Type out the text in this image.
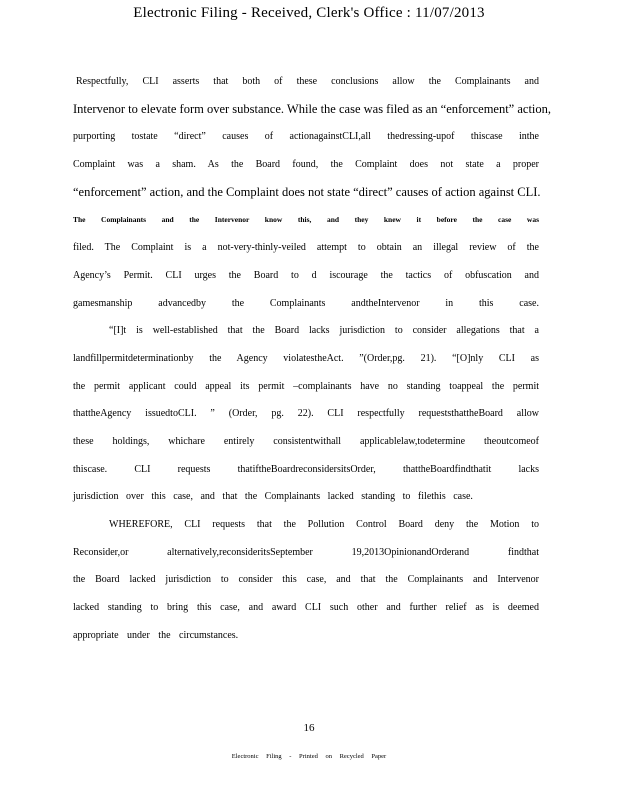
Electronic Filing - Received, Clerk's Office : 11/07/2013
Respectfully, CLI asserts that both of these conclusions allow the Complainants and
Intervenor to elevate form over substance. While the case was filed as an “enforcement” action,
purporting tostate “direct” causes of actionagainstCLI,all thedressing-upof thiscase inthe
Complaint was a sham. As the Board found, the Complaint does not state a proper
“enforcement” action, and the Complaint does not state “direct” causes of action against CLI.
The Complainants and the Intervenor know this, and they knew it before the case was
filed. The Complaint is a not-very-thinly-veiled attempt to obtain an illegal review of the
Agency’s Permit. CLI urges the Board to d iscourage the tactics of obfuscation and
gamesmanship advancedby the Complainants andtheIntervenor in this case.
“[I]t is well-established that the Board lacks jurisdiction to consider allegations that a
landfillpermitdeterminationby the Agency violatestheAct. ”(Order,pg. 21). “[O]nly CLI as
the permit applicant could appeal its permit –complainants have no standing toappeal the permit
thattheAgency issuedtoCLI. ” (Order, pg. 22). CLI respectfully requeststhattheBoard allow
these holdings, whichare entirely consistentwithall applicablelaw,todetermine theoutcomeof
thiscase. CLI requests thatiftheBoardreconsidersitsOrder, thattheBoardfindthatit lacks
jurisdiction over this case, and that the Complainants lacked standing to filethis case.
WHEREFORE, CLI requests that the Pollution Control Board deny the Motion to
Reconsider,or alternatively,reconsideritsSeptember 19,2013OpinionandOrderand findthat
the Board lacked jurisdiction to consider this case, and that the Complainants and Intervenor
lacked standing to bring this case, and award CLI such other and further relief as is deemed
appropriate under the circumstances.
16
Electronic Filing - Printed on Recycled Paper
